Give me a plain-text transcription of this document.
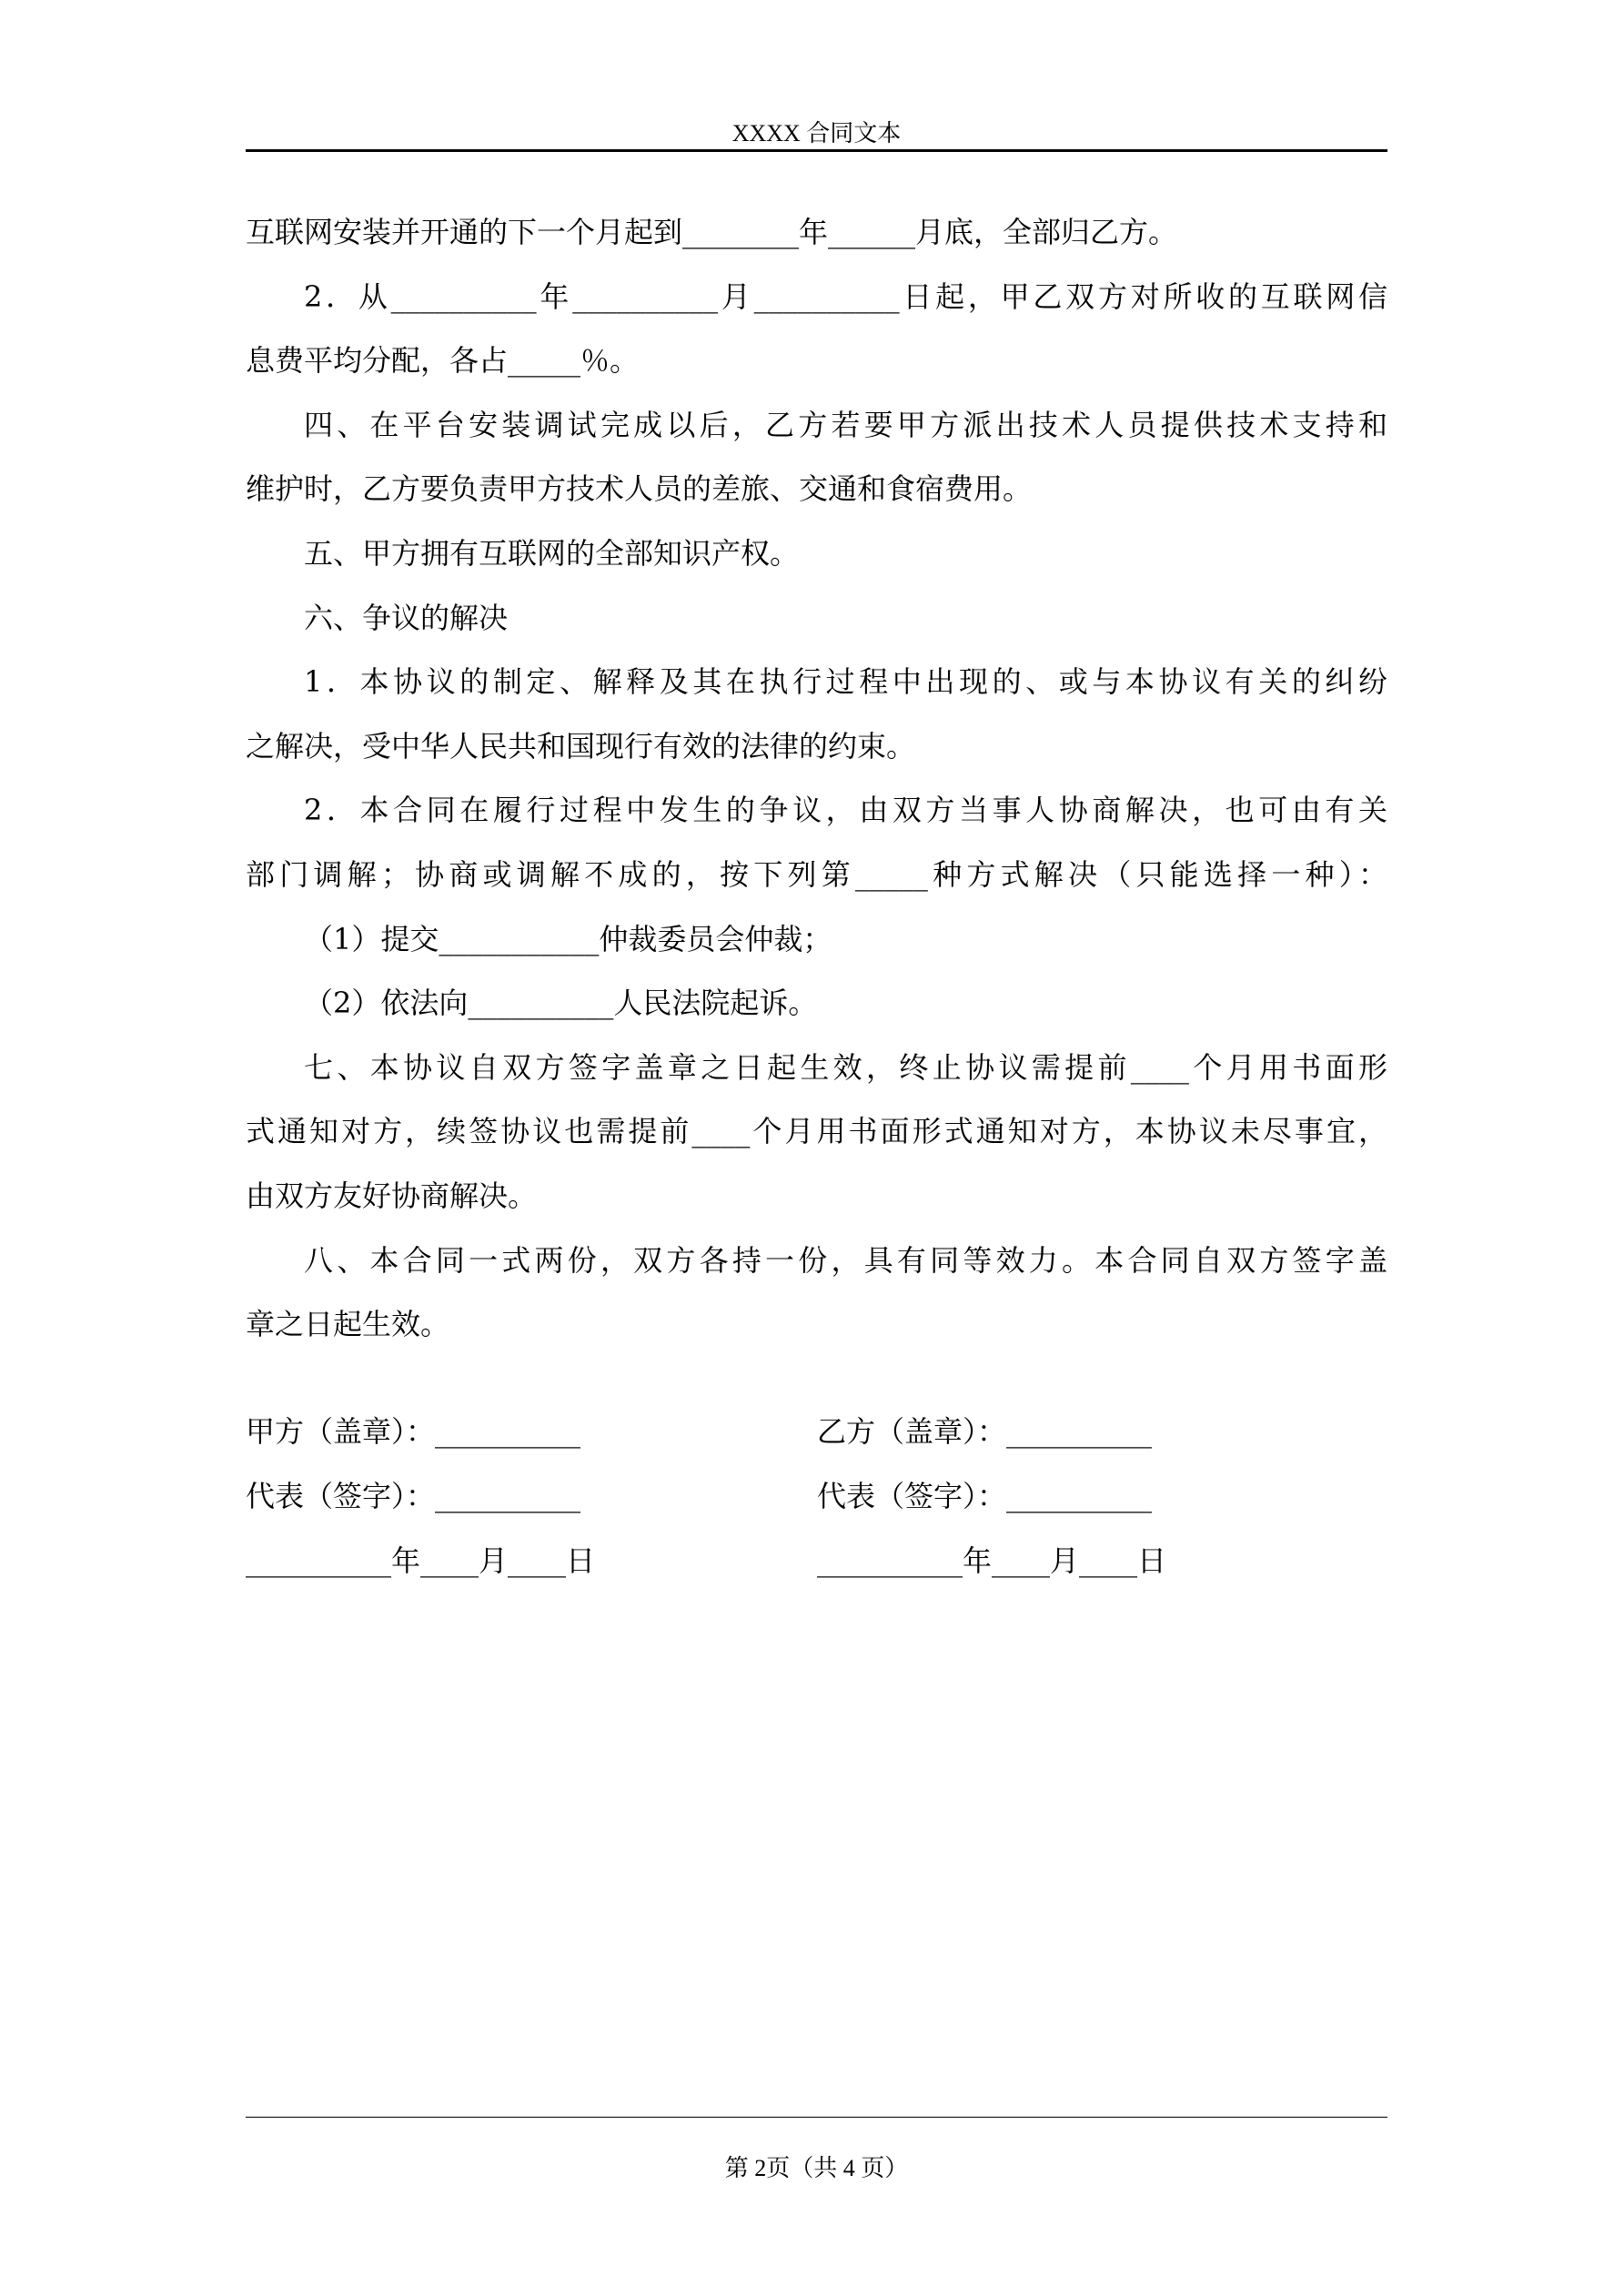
XXXX 合同文本
互联网安装并开通的下一个月起到________年______月底，全部归乙方。
2．从__________年__________月__________日起，甲乙双方对所收的互联网信
息费平均分配，各占_____％。
四、在平台安装调试完成以后，乙方若要甲方派出技术人员提供技术支持和
维护时，乙方要负责甲方技术人员的差旅、交通和食宿费用。
五、甲方拥有互联网的全部知识产权。
六、争议的解决
1．本协议的制定、解释及其在执行过程中出现的、或与本协议有关的纠纷
之解决，受中华人民共和国现行有效的法律的约束。
2．本合同在履行过程中发生的争议，由双方当事人协商解决，也可由有关
部门调解；协商或调解不成的，按下列第_____种方式解决（只能选择一种）：
（1）提交___________仲裁委员会仲裁；
（2）依法向__________人民法院起诉。
七、本协议自双方签字盖章之日起生效，终止协议需提前____个月用书面形
式通知对方，续签协议也需提前____个月用书面形式通知对方，本协议未尽事宜，
由双方友好协商解决。
八、本合同一式两份，双方各持一份，具有同等效力。本合同自双方签字盖
章之日起生效。
甲方（盖章）：__________
代表（签字）：__________
__________年____月____日
乙方（盖章）：__________
代表（签字）：__________
__________年____月____日
第 2页（共 4 页）
